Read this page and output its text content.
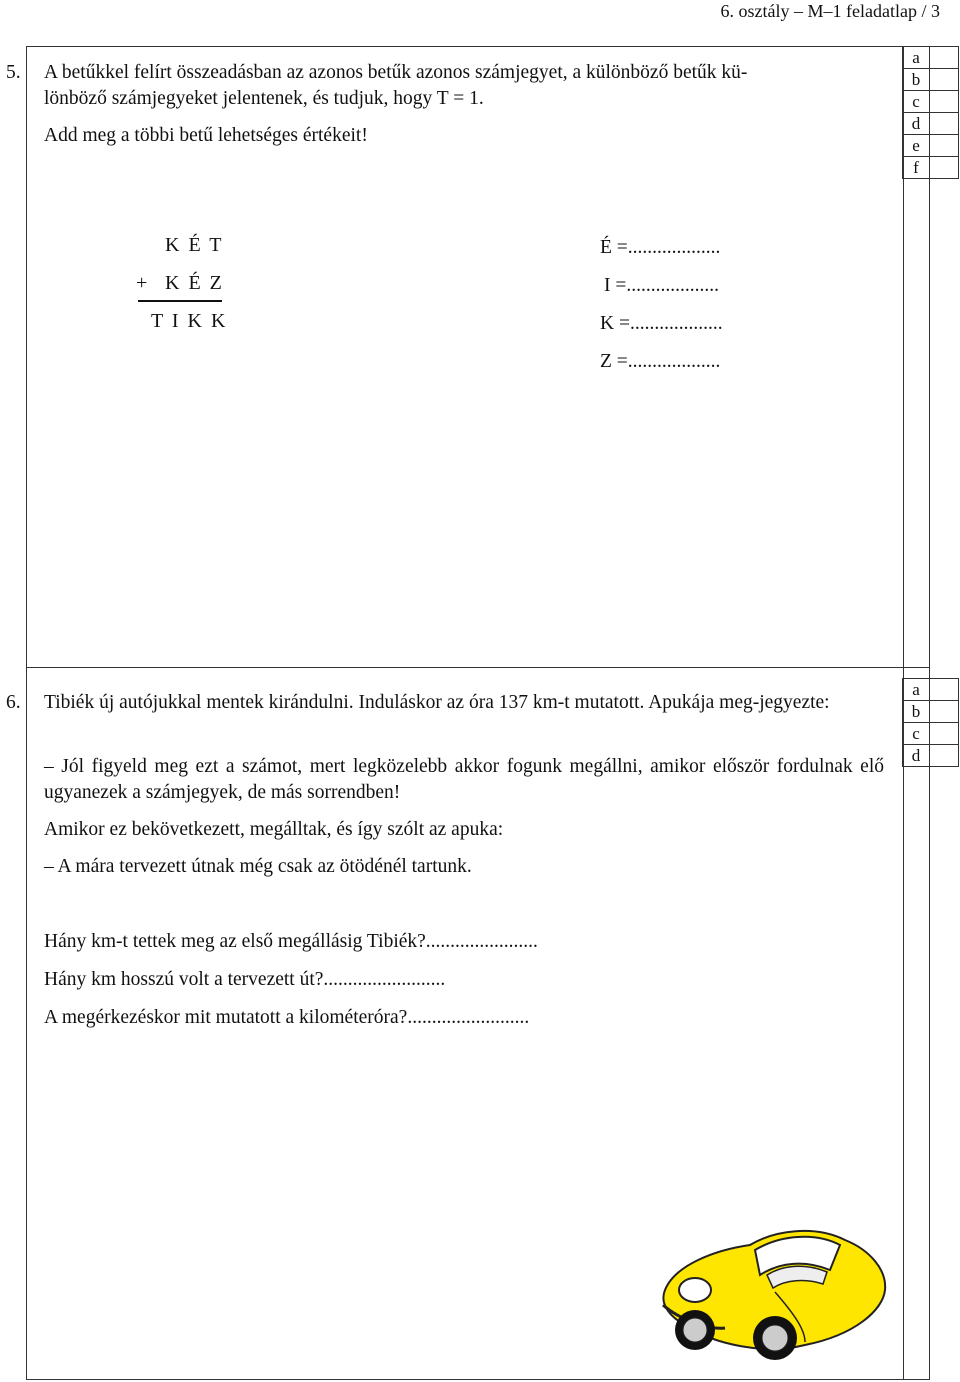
6. osztály – M–1 feladatlap / 3
5. A betűkkel felírt összeadásban az azonos betűk azonos számjegyet, a különböző betűk kü-
lönböző számjegyeket jelentenek, és tudjuk, hogy T = 1.
Add meg a többi betű lehetséges értékeit!
a	
b	
c	
d	
e	
f	
K É T
+ K É Z
T I K K
É =...................
I =...................
K =...................
Z =...................
6. Tibiék új autójukkal mentek kirándulni. Induláskor az óra 137 km-t mutatott. Apukája meg-jegyezte:
– Jól figyeld meg ezt a számot, mert legközelebb akkor fogunk megállni, amikor először fordulnak elő ugyanezek a számjegyek, de más sorrendben!
Amikor ez bekövetkezett, megálltak, és így szólt az apuka:
– A mára tervezett útnak még csak az ötödénél tartunk.
a	
b	
c	
d	
Hány km-t tettek meg az első megállásig Tibiék?.......................
Hány km hosszú volt a tervezett út?.........................
A megérkezéskor mit mutatott a kilométeróra?.........................
